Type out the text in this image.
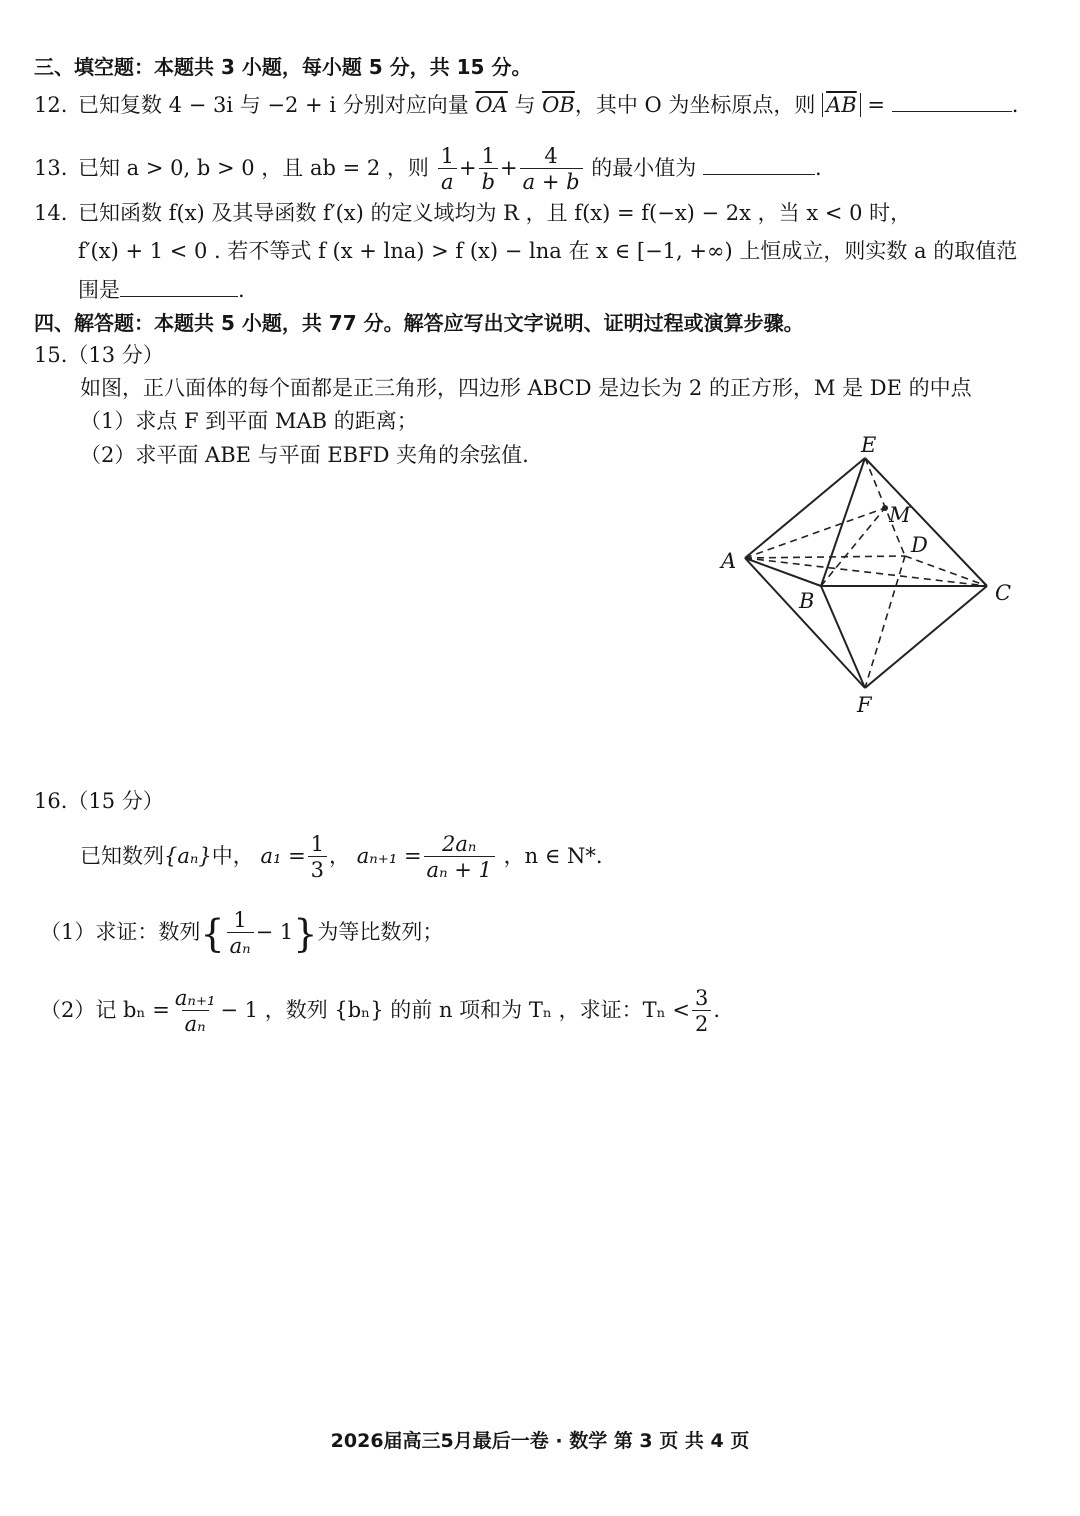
三、填空题：本题共 3 小题，每小题 5 分，共 15 分。
12. 已知复数 4 − 3i 与 −2 + i 分别对应向量 $\overline{OA}$ 与 $\overline{OB}$，其中 O 为坐标原点，则 $\overline{AB}$ =	.
13. 已知 a > 0, b > 0 ，且 ab = 2 ，则 $\frac{1}{a} + \frac{1}{b} + \frac{4}{a + b}$ 的最小值为	.
14. 已知函数 f(x) 及其导函数 f′(x) 的定义域均为 R ，且 f(x) = f(−x) − 2x ，当 x < 0 时，
f′(x) + 1 < 0 . 若不等式 f (x + lna) > f (x) − lna 在 x ∈ [−1, +∞) 上恒成立，则实数 a 的取值范
围是	.
四、解答题：本题共 5 小题，共 77 分。解答应写出文字说明、证明过程或演算步骤。
15.（13 分）
如图，正八面体的每个面都是正三角形，四边形 ABCD 是边长为 2 的正方形，M 是 DE 的中点
（1）求点 F 到平面 MAB 的距离；
（2）求平面 ABE 与平面 EBFD 夹角的余弦值.	E
M
D
A
B	C
F
16.（15 分）
已知数列{aₙ}中， $a_1 = \frac{1}{3}$ ， $a_{n+1} = \frac{\text{2aₙ}}{\text{aₙ + 1}}$ ，n ∈ N*.
（1）求证：数列{ $\frac{1}{\text{aₙ}} - 1$}为等比数列；
（2）记 $b_n = \frac{\text{aₙ₊₁}}{\text{aₙ}} - 1$ ，数列 {bₙ} 的前 n 项和为 Tₙ ，求证：$T_n < \frac{3}{2}$ .
2026届高三5月最后一卷 · 数学 第 3 页 共 4 页
